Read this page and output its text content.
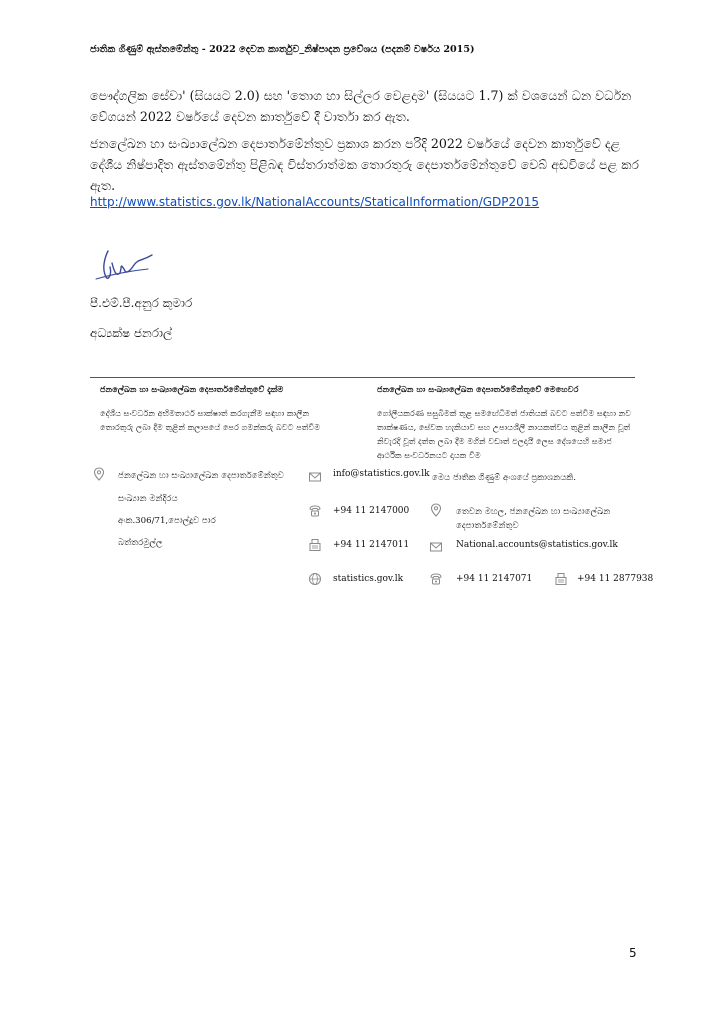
ජාතික ගිණුම් ඇස්තමේන්තු - 2022 දෙවන කාර්තුව_නිෂ්පාදන ප්‍රවේශය (පදනම් වර්ෂය 2015)
පෞද්ගලික සේවා' (සියයට 2.0) සහ 'තොග හා සිල්ලර වෙළදාම' (සියයට 1.7) ක් වශයෙන් ධන වර්ධන වේගයන් 2022 වර්ෂයේ දෙවන කාර්තුවේ දී වාර්තා කර ඇත.
ජනලේඛන හා සංඛ්‍යාලේඛන දෙපාර්තමේන්තුව ප්‍රකාශ කරන පරිදි 2022 වර්ෂයේ දෙවන කාර්තුවේ දළ දේශීය නිෂ්පාදිත ඇස්තමේන්තු පිළිබඳ විස්තරාත්මක තොරතුරු දෙපාර්තමේන්තුවේ වෙබ් අඩවියේ පළ කර ඇත.
http://www.statistics.gov.lk/NationalAccounts/StaticalInformation/GDP2015
පී.එම්.පී.අනුර කුමාර
අධ්‍යක්ෂ ජනරාල්
ජනලේඛන හා සංඛ්‍යාලේඛන දෙපාර්තමේන්තුවේ දැක්ම	ජනලේඛන හා සංඛ්‍යාලේඛන දෙපාර්තමේන්තුවේ මෙහෙවර
දේශීය සංවර්ධන අභිමතාර්ථ සාක්ෂාත් කරගැනීම සඳහා කාලීන තොරතුරු ලබා දීම තුළින් කලාපයේ පෙර ගමන්කරු බවට පත්වීම
ගෝලීයකරණ පසුබිමක් තුළ සමඟේධිමත් ජාතියක් බවට පත්වීම සඳහා නව තාක්ෂණය, සේවක හැකියාව සහ උපායශීලී නායකත්වය තුළින් කාලීන වූත් නිවැරදි වූත් දත්ත ලබා දීම මගින් වඩාත් ඵලදායී ලෙස දේශයෙහි සමාජ ආර්ථික සංවර්ධනයට දායක වීම
ජනලේඛන හා සංඛ්‍යාලේඛන දෙපාර්තමේන්තුව
සංඛ්‍යාන මන්දිරය
අංක.306/71,පොල්දූව පාර
බත්තරමුල්ල
info@statistics.gov.lk
+94 11 2147000
+94 11 2147011
statistics.gov.lk
මෙය ජාතික ගිණුම් අංශයේ ප්‍රකාශනයකි.
තෙවන මහල, ජනලේඛන හා සංඛ්‍යාලේඛන
දෙපාර්තමේන්තුව
National.accounts@statistics.gov.lk
+94 11 2147071	+94 11 2877938
5
